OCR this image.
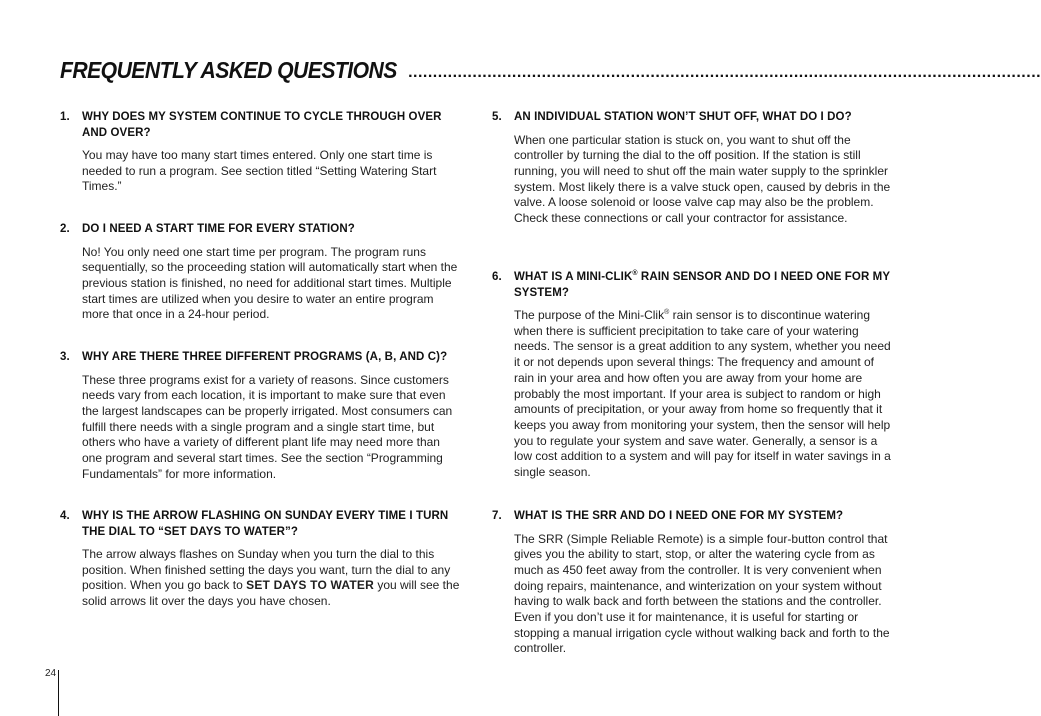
FREQUENTLY ASKED QUESTIONS ................................................................................................................................
1.	WHY DOES MY SYSTEM CONTINUE TO CYCLE THROUGH OVER AND OVER?
You may have too many start times entered. Only one start time is needed to run a program. See section titled “Setting Watering Start Times.”
2.	DO I NEED A START TIME FOR EVERY STATION?
No! You only need one start time per program. The program runs sequentially, so the proceeding station will automatically start when the previous station is finished, no need for additional start times. Multiple start times are utilized when you desire to water an entire program more that once in a 24-hour period.
3.	WHY ARE THERE THREE DIFFERENT PROGRAMS (A, B, AND C)?
These three programs exist for a variety of reasons. Since customers needs vary from each location, it is important to make sure that even the largest landscapes can be properly irrigated. Most consumers can fulfill there needs with a single program and a single start time, but others who have a variety of different plant life may need more than one program and several start times. See the section “Programming Fundamentals” for more information.
4.	WHY IS THE ARROW FLASHING ON SUNDAY EVERY TIME I TURN THE DIAL TO “SET DAYS TO WATER”?
The arrow always flashes on Sunday when you turn the dial to this position. When finished setting the days you want, turn the dial to any position. When you go back to SET DAYS TO WATER you will see the solid arrows lit over the days you have chosen.
5.	AN INDIVIDUAL STATION WON’T SHUT OFF, WHAT DO I DO?
When one particular station is stuck on, you want to shut off the controller by turning the dial to the off position. If the station is still running, you will need to shut off the main water supply to the sprinkler system. Most likely there is a valve stuck open, caused by debris in the valve. A loose solenoid or loose valve cap may also be the problem. Check these connections or call your contractor for assistance.
6.	WHAT IS A MINI-CLIK® RAIN SENSOR AND DO I NEED ONE FOR MY SYSTEM?
The purpose of the Mini-Clik® rain sensor is to discontinue watering when there is sufficient precipitation to take care of your watering needs. The sensor is a great addition to any system, whether you need it or not depends upon several things: The frequency and amount of rain in your area and how often you are away from your home are probably the most important. If your area is subject to random or high amounts of precipitation, or your away from home so frequently that it keeps you away from monitoring your system, then the sensor will help you to regulate your system and save water. Generally, a sensor is a low cost addition to a system and will pay for itself in water savings in a single season.
7.	WHAT IS THE SRR AND DO I NEED ONE FOR MY SYSTEM?
The SRR (Simple Reliable Remote) is a simple four-button control that gives you the ability to start, stop, or alter the watering cycle from as much as 450 feet away from the controller. It is very convenient when doing repairs, maintenance, and winterization on your system without having to walk back and forth between the stations and the controller. Even if you don’t use it for maintenance, it is useful for starting or stopping a manual irrigation cycle without walking back and forth to the controller.
24
